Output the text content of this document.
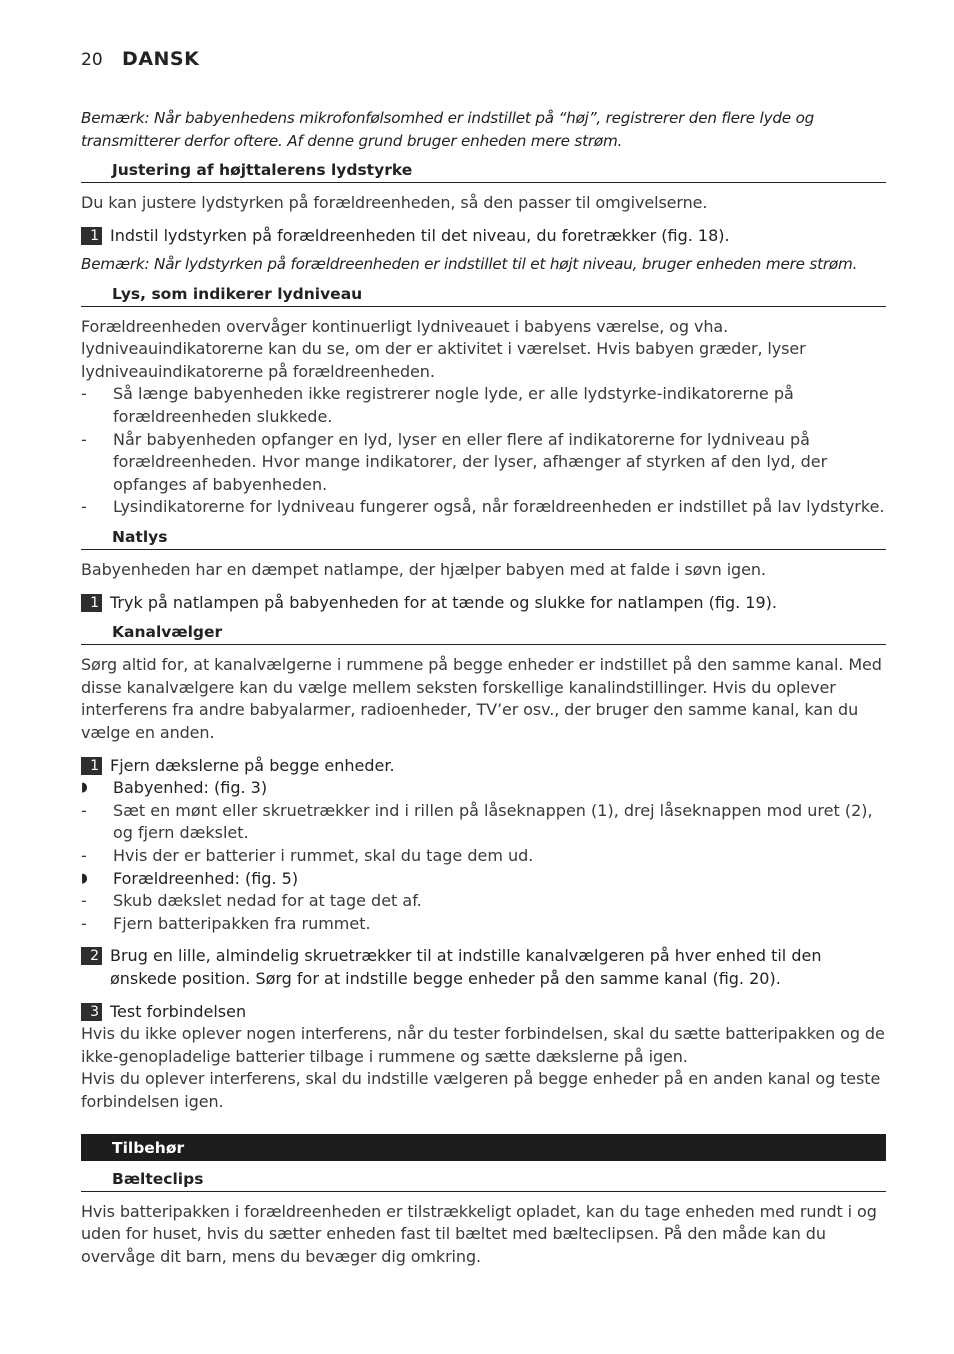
20 DANSK
Bemærk: Når babyenhedens mikrofonfølsomhed er indstillet på “høj”, registrerer den flere lyde og transmitterer derfor oftere. Af denne grund bruger enheden mere strøm.
Justering af højttalerens lydstyrke
Du kan justere lydstyrken på forældreenheden, så den passer til omgivelserne.
1 Indstil lydstyrken på forældreenheden til det niveau, du foretrækker (fig. 18).
Bemærk: Når lydstyrken på forældreenheden er indstillet til et højt niveau, bruger enheden mere strøm.
Lys, som indikerer lydniveau
Forældreenheden overvåger kontinuerligt lydniveauet i babyens værelse, og vha. lydniveauindikatorerne kan du se, om der er aktivitet i værelset. Hvis babyen græder, lyser lydniveauindikatorerne på forældreenheden.
-	Så længe babyenheden ikke registrerer nogle lyde, er alle lydstyrke-indikatorerne på forældreenheden slukkede.
-	Når babyenheden opfanger en lyd, lyser en eller flere af indikatorerne for lydniveau på forældreenheden. Hvor mange indikatorer, der lyser, afhænger af styrken af den lyd, der opfanges af babyenheden.
-	Lysindikatorerne for lydniveau fungerer også, når forældreenheden er indstillet på lav lydstyrke.
Natlys
Babyenheden har en dæmpet natlampe, der hjælper babyen med at falde i søvn igen.
1 Tryk på natlampen på babyenheden for at tænde og slukke for natlampen (fig. 19).
Kanalvælger
Sørg altid for, at kanalvælgerne i rummene på begge enheder er indstillet på den samme kanal. Med disse kanalvælgere kan du vælge mellem seksten forskellige kanalindstillinger. Hvis du oplever interferens fra andre babyalarmer, radioenheder, TV’er osv., der bruger den samme kanal, kan du vælge en anden.
1 Fjern dækslerne på begge enheder.
◗	Babyenhed: (fig. 3)
-	Sæt en mønt eller skruetrækker ind i rillen på låseknappen (1), drej låseknappen mod uret (2), og fjern dækslet.
-	Hvis der er batterier i rummet, skal du tage dem ud.
◗	Forældreenhed: (fig. 5)
-	Skub dækslet nedad for at tage det af.
-	Fjern batteripakken fra rummet.
2 Brug en lille, almindelig skruetrækker til at indstille kanalvælgeren på hver enhed til den ønskede position. Sørg for at indstille begge enheder på den samme kanal (fig. 20).
3 Test forbindelsen
Hvis du ikke oplever nogen interferens, når du tester forbindelsen, skal du sætte batteripakken og de ikke-genopladelige batterier tilbage i rummene og sætte dækslerne på igen.
Hvis du oplever interferens, skal du indstille vælgeren på begge enheder på en anden kanal og teste forbindelsen igen.
Tilbehør
Bælteclips
Hvis batteripakken i forældreenheden er tilstrækkeligt opladet, kan du tage enheden med rundt i og uden for huset, hvis du sætter enheden fast til bæltet med bælteclipsen. På den måde kan du overvåge dit barn, mens du bevæger dig omkring.
